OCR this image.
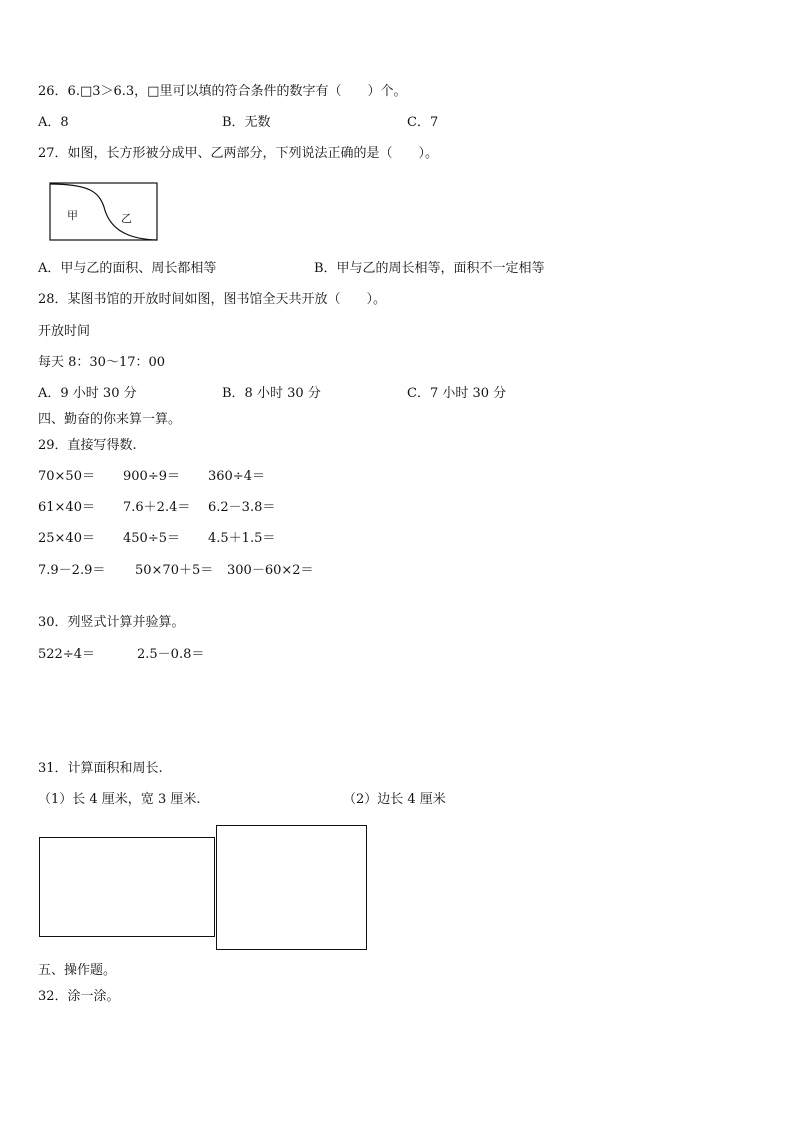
26．6.□3＞6.3，□里可以填的符合条件的数字有（　　）个。
A．8	B．无数	C．7
27．如图，长方形被分成甲、乙两部分，下列说法正确的是（　　）。
甲	乙
A．甲与乙的面积、周长都相等	B．甲与乙的周长相等，面积不一定相等
28．某图书馆的开放时间如图，图书馆全天共开放（　　）。
开放时间
每天 8：30～17：00
A．9 小时 30 分	B．8 小时 30 分	C．7 小时 30 分
四、勤奋的你来算一算。
29．直接写得数.
70×50＝ 900÷9＝ 360÷4＝
61×40＝ 7.6＋2.4＝ 6.2－3.8＝
25×40＝ 450÷5＝ 4.5＋1.5＝
7.9－2.9＝ 50×70＋5＝ 300－60×2＝
30．列竖式计算并验算。
522÷4＝	2.5－0.8＝
31．计算面积和周长.
（1）长 4 厘米，宽 3 厘米.	（2）边长 4 厘米
五、操作题。
32．涂一涂。
